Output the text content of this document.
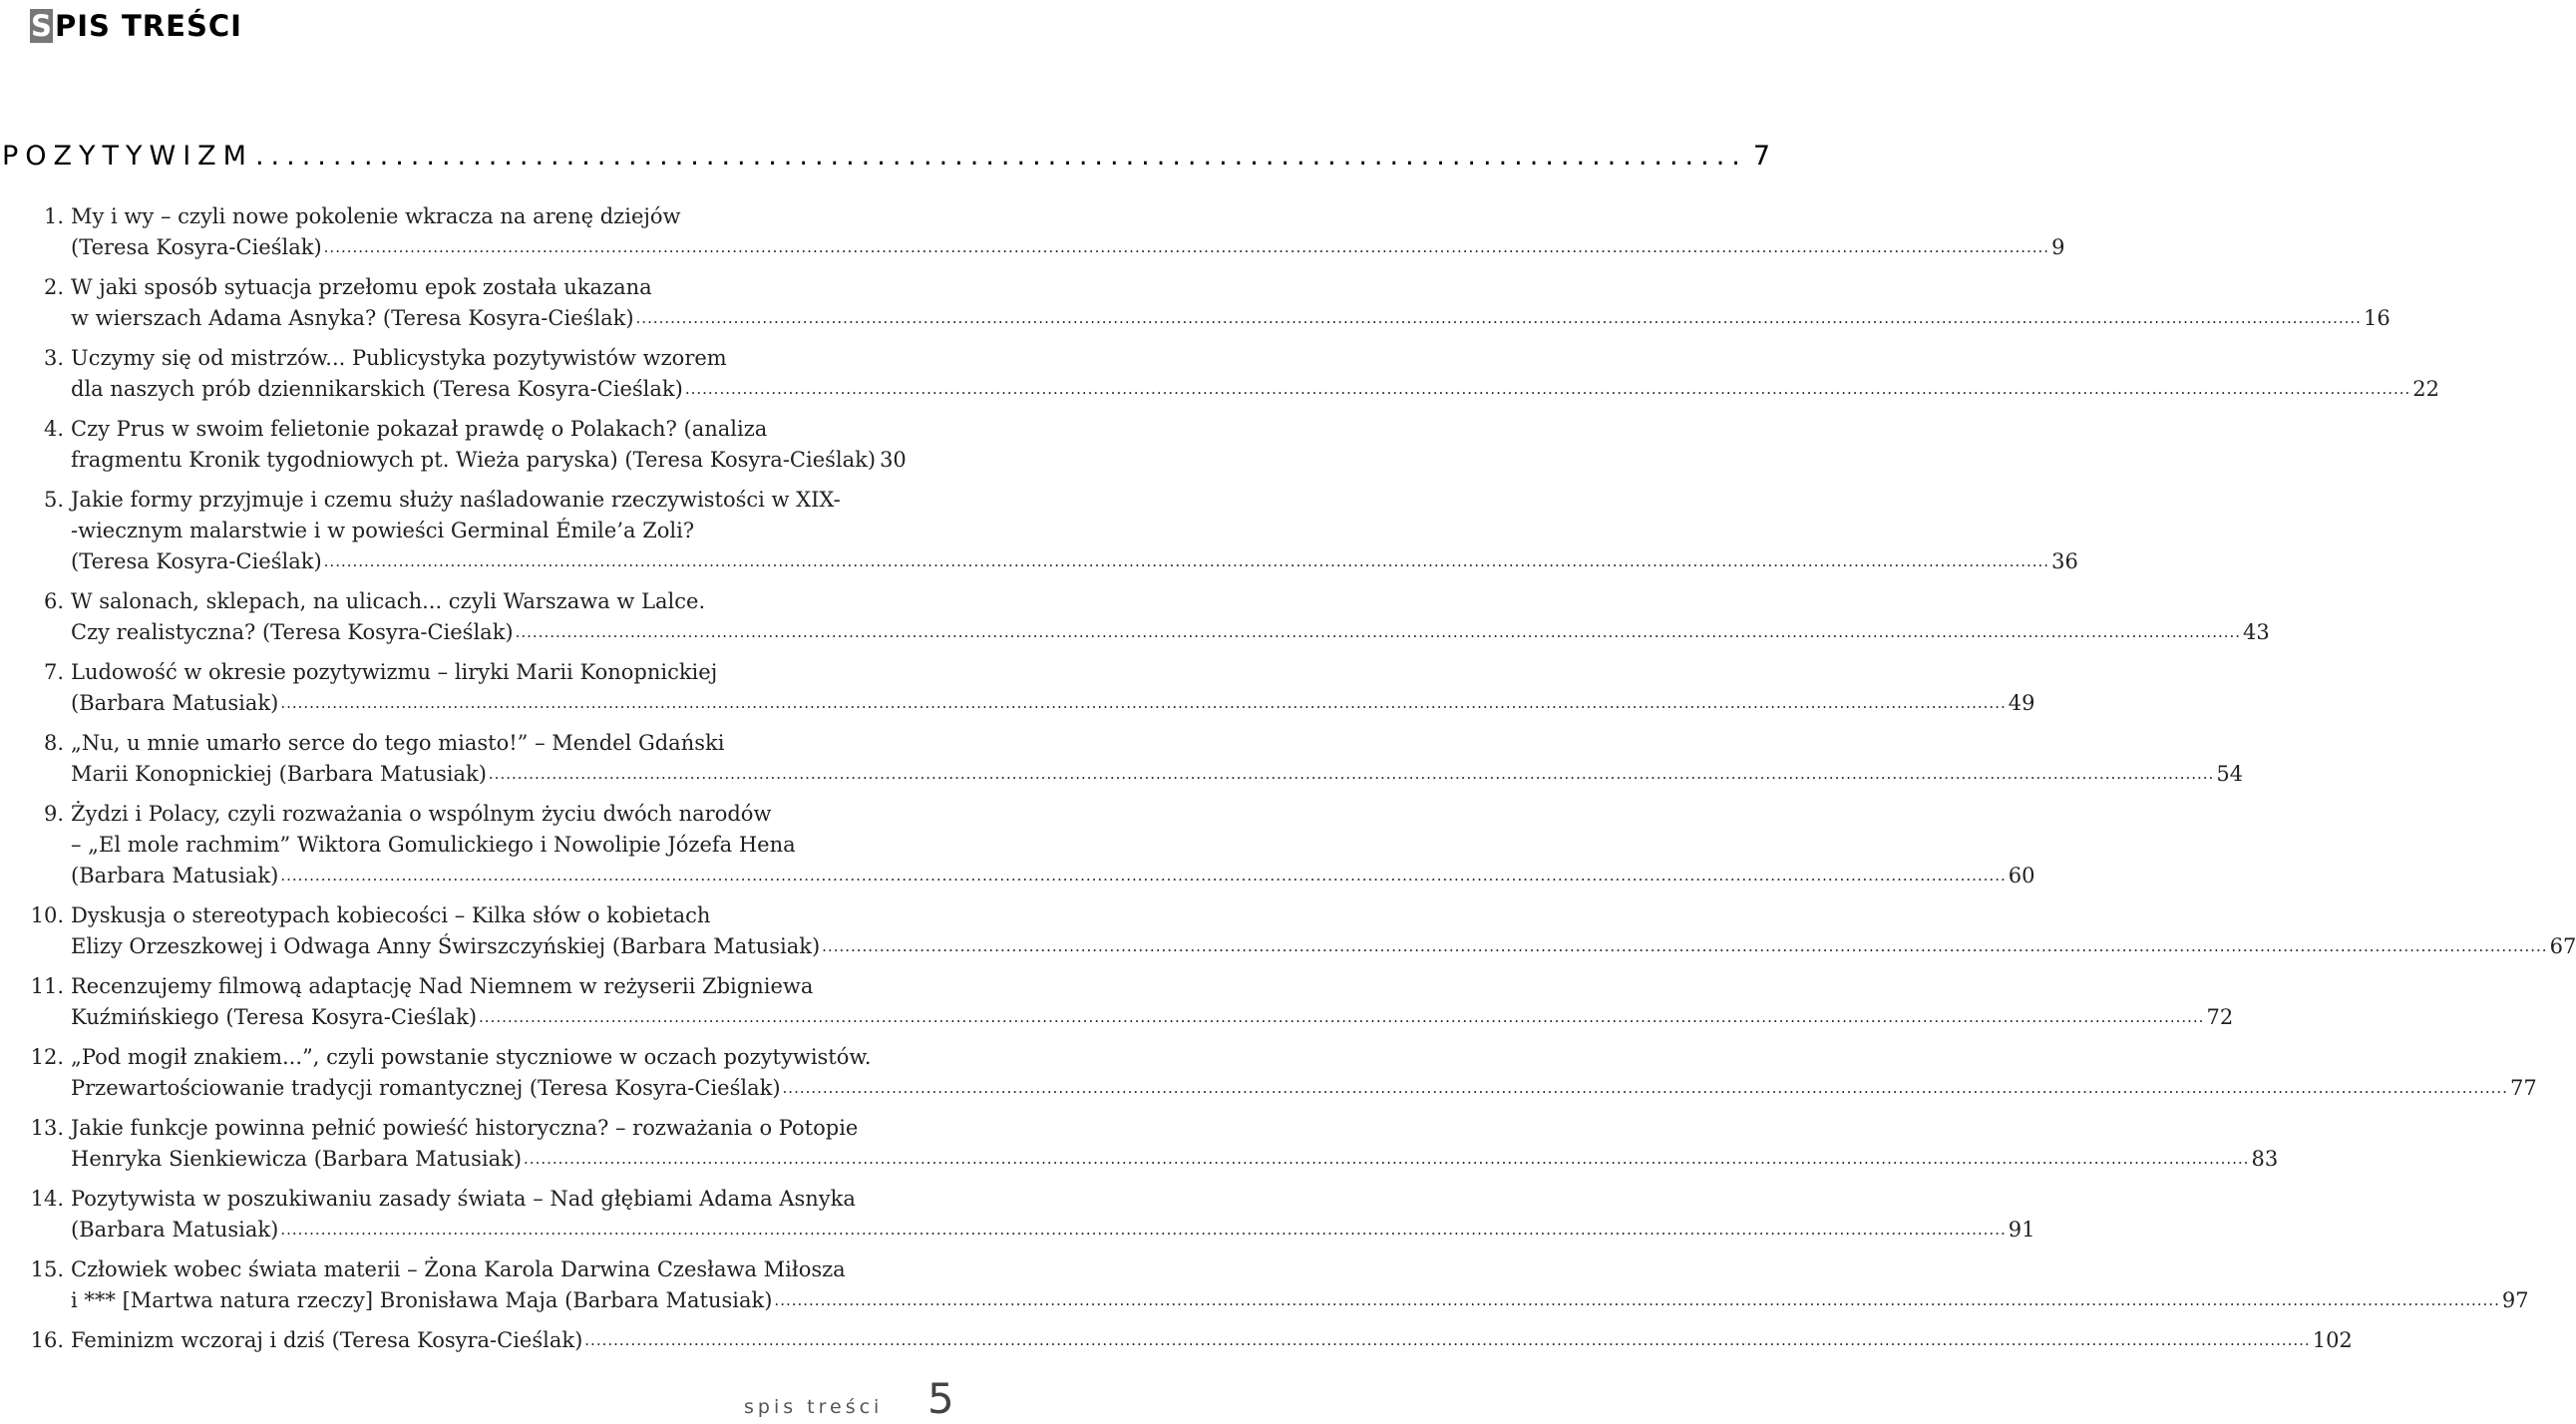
S PIS TREŚCI
POZYTYWIZM ................................................................................................ 7
1. My i wy – czyli nowe pokolenie wkracza na arenę dziejów
(Teresa Kosyra-Cieślak) ............................................................................................................................................................................................................................................................................................................ 9
2. W jaki sposób sytuacja przełomu epok została ukazana
w wierszach Adama Asnyka? (Teresa Kosyra-Cieślak) ............................................................................................................................................................................................................................................................................................................ 16
3. Uczymy się od mistrzów... Publicystyka pozytywistów wzorem
dla naszych prób dziennikarskich (Teresa Kosyra-Cieślak) ............................................................................................................................................................................................................................................................................................................ 22
4. Czy Prus w swoim felietonie pokazał prawdę o Polakach? (analiza
fragmentu Kronik tygodniowych pt. Wieża paryska) (Teresa Kosyra-Cieślak) 30
5. Jakie formy przyjmuje i czemu służy naśladowanie rzeczywistości w XIX-
-wiecznym malarstwie i w powieści Germinal Émile’a Zoli?
(Teresa Kosyra-Cieślak) ............................................................................................................................................................................................................................................................................................................ 36
6. W salonach, sklepach, na ulicach... czyli Warszawa w Lalce.
Czy realistyczna? (Teresa Kosyra-Cieślak) ............................................................................................................................................................................................................................................................................................................ 43
7. Ludowość w okresie pozytywizmu – liryki Marii Konopnickiej
(Barbara Matusiak) ............................................................................................................................................................................................................................................................................................................ 49
8. „Nu, u mnie umarło serce do tego miasto!” – Mendel Gdański
Marii Konopnickiej (Barbara Matusiak) ............................................................................................................................................................................................................................................................................................................ 54
9. Żydzi i Polacy, czyli rozważania o wspólnym życiu dwóch narodów
– „El mole rachmim” Wiktora Gomulickiego i Nowolipie Józefa Hena
(Barbara Matusiak) ............................................................................................................................................................................................................................................................................................................ 60
10. Dyskusja o stereotypach kobiecości – Kilka słów o kobietach
Elizy Orzeszkowej i Odwaga Anny Świrszczyńskiej (Barbara Matusiak) ............................................................................................................................................................................................................................................................................................................ 67
11. Recenzujemy filmową adaptację Nad Niemnem w reżyserii Zbigniewa
Kuźmińskiego (Teresa Kosyra-Cieślak) ............................................................................................................................................................................................................................................................................................................ 72
12. „Pod mogił znakiem...”, czyli powstanie styczniowe w oczach pozytywistów.
Przewartościowanie tradycji romantycznej (Teresa Kosyra-Cieślak) ............................................................................................................................................................................................................................................................................................................ 77
13. Jakie funkcje powinna pełnić powieść historyczna? – rozważania o Potopie
Henryka Sienkiewicza (Barbara Matusiak) ............................................................................................................................................................................................................................................................................................................ 83
14. Pozytywista w poszukiwaniu zasady świata – Nad głębiami Adama Asnyka
(Barbara Matusiak) ............................................................................................................................................................................................................................................................................................................ 91
15. Człowiek wobec świata materii – Żona Karola Darwina Czesława Miłosza
i *** [Martwa natura rzeczy] Bronisława Maja (Barbara Matusiak) ............................................................................................................................................................................................................................................................................................................ 97
16. Feminizm wczoraj i dziś (Teresa Kosyra-Cieślak) ............................................................................................................................................................................................................................................................................................................ 102
spis treści 5
